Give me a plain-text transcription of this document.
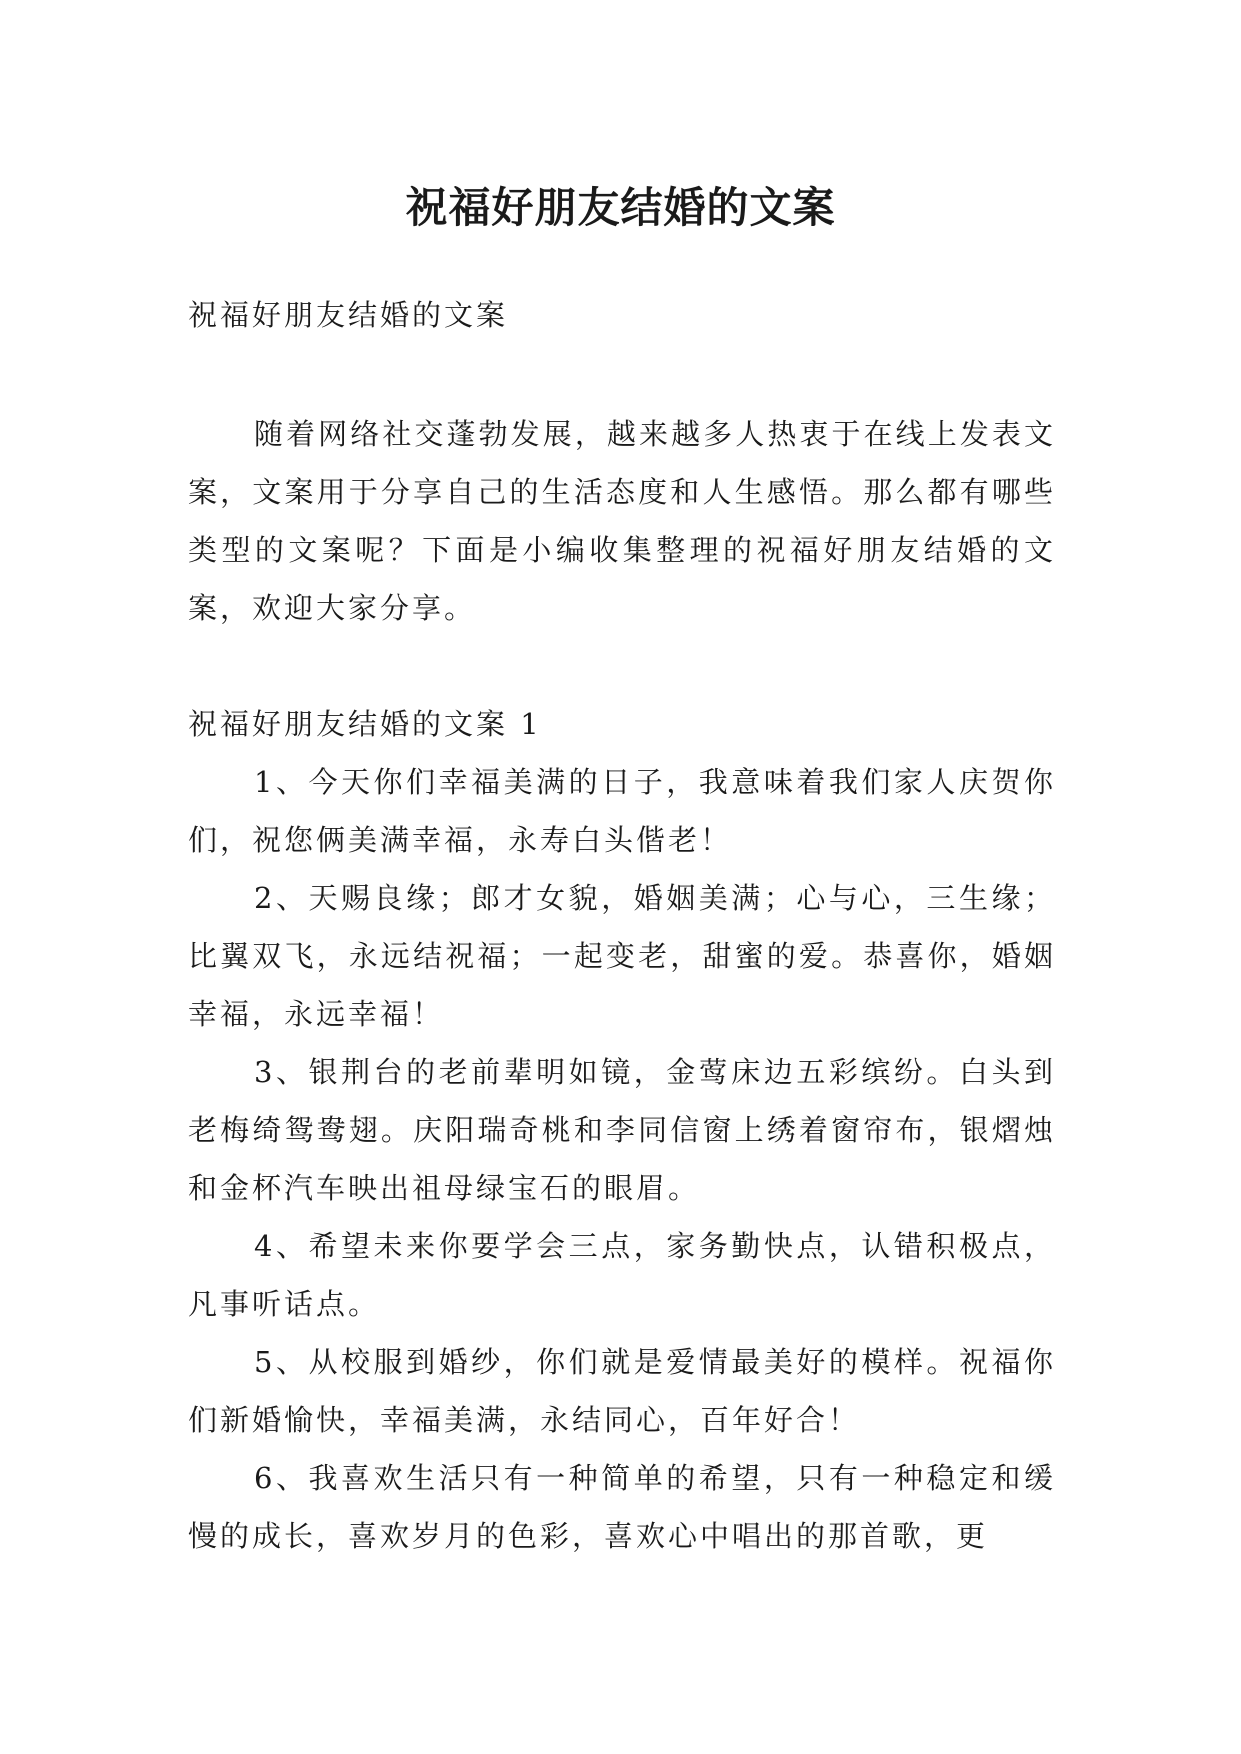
祝福好朋友结婚的文案

祝福好朋友结婚的文案

随着网络社交蓬勃发展，越来越多人热衷于在线上发表文案，文案用于分享自己的生活态度和人生感悟。那么都有哪些类型的文案呢？下面是小编收集整理的祝福好朋友结婚的文案，欢迎大家分享。

祝福好朋友结婚的文案 1

1、今天你们幸福美满的日子，我意味着我们家人庆贺你们，祝您俩美满幸福，永寿白头偕老！
2、天赐良缘；郎才女貌，婚姻美满；心与心，三生缘；比翼双飞，永远结祝福；一起变老，甜蜜的爱。恭喜你，婚姻幸福，永远幸福！
3、银荆台的老前辈明如镜，金莺床边五彩缤纷。白头到老梅绮鸳鸯翅。庆阳瑞奇桃和李同信窗上绣着窗帘布，银熠烛和金杯汽车映出祖母绿宝石的眼眉。
4、希望未来你要学会三点，家务勤快点，认错积极点，凡事听话点。
5、从校服到婚纱，你们就是爱情最美好的模样。祝福你们新婚愉快，幸福美满，永结同心，百年好合！
6、我喜欢生活只有一种简单的希望，只有一种稳定和缓慢的成长，喜欢岁月的色彩，喜欢心中唱出的那首歌，更
